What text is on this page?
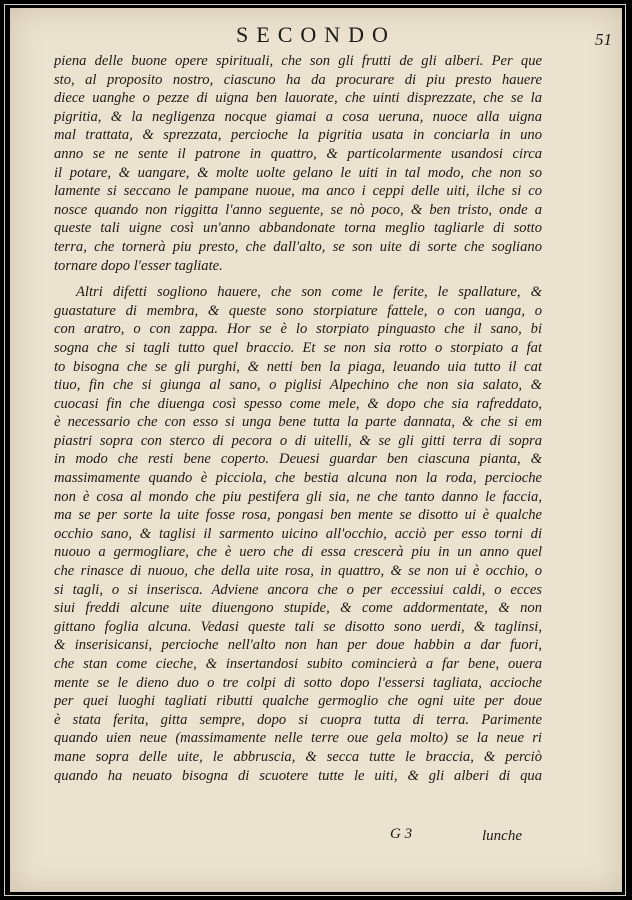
SECONDO	51
piena delle buone opere spirituali, che son gli frutti de gli alberi. Per que
sto, al proposito nostro, ciascuno ha da procurare di piu presto hauere
diece uanghe o pezze di uigna ben lauorate, che uinti disprezzate, che se la
pigritia, & la negligenza nocque giamai a cosa ueruna, nuoce alla uigna
mal trattata, & sprezzata, percioche la pigritia usata in conciarla in uno
anno se ne sente il patrone in quattro, & particolarmente usandosi circa
il potare, & uangare, & molte uolte gelano le uiti in tal modo, che non so
lamente si seccano le pampane nuoue, ma anco i ceppi delle uiti, ilche si co
nosce quando non riggitta l'anno seguente, se nò poco, & ben tristo, onde a
queste tali uigne così un'anno abbandonate torna meglio tagliarle di sotto
terra, che tornerà piu presto, che dall'alto, se son uite di sorte che sogliano
tornare dopo l'esser tagliate.
Altri difetti sogliono hauere, che son come le ferite, le spallature, &
guastature di membra, & queste sono storpiature fattele, o con uanga, o
con aratro, o con zappa. Hor se è lo storpiato pinguasto che il sano, bi
sogna che si tagli tutto quel braccio. Et se non sia rotto o storpiato a fat
to bisogna che se gli purghi, & netti ben la piaga, leuando uia tutto il cat
tiuo, fin che si giunga al sano, o piglisi Alpechino che non sia salato, &
cuocasi fin che diuenga così spesso come mele, & dopo che sia rafreddato,
è necessario che con esso si unga bene tutta la parte dannata, & che si em
piastri sopra con sterco di pecora o di uitelli, & se gli gitti terra di sopra
in modo che resti bene coperto. Deuesi guardar ben ciascuna pianta, &
massimamente quando è picciola, che bestia alcuna non la roda, percioche
non è cosa al mondo che piu pestifera gli sia, ne che tanto danno le faccia,
ma se per sorte la uite fosse rosa, pongasi ben mente se disotto ui è qualche
occhio sano, & taglisi il sarmento uicino all'occhio, acciò per esso torni di
nuouo a germogliare, che è uero che di essa crescerà piu in un anno quel
che rinasce di nuouo, che della uite rosa, in quattro, & se non ui è occhio, o
si tagli, o si inserisca. Adviene ancora che o per eccessiui caldi, o ecces
siui freddi alcune uite diuengono stupide, & come addormentate, & non
gittano foglia alcuna. Vedasi queste tali se disotto sono uerdi, & taglinsi,
& inserisicansi, percioche nell'alto non han per doue habbin a dar fuori,
che stan come cieche, & insertandosi subito comincierà a far bene, ouera
mente se le dieno duo o tre colpi di sotto dopo l'essersi tagliata, accioche
per quei luoghi tagliati ributti qualche germoglio che ogni uite per doue
è stata ferita, gitta sempre, dopo si cuopra tutta di terra. Parimente
quando uien neue (massimamente nelle terre oue gela molto) se la neue ri
mane sopra delle uite, le abbruscia, & secca tutte le braccia, & perciò
quando ha neuato bisogna di scuotere tutte le uiti, & gli alberi di qua
G 3	lunche
